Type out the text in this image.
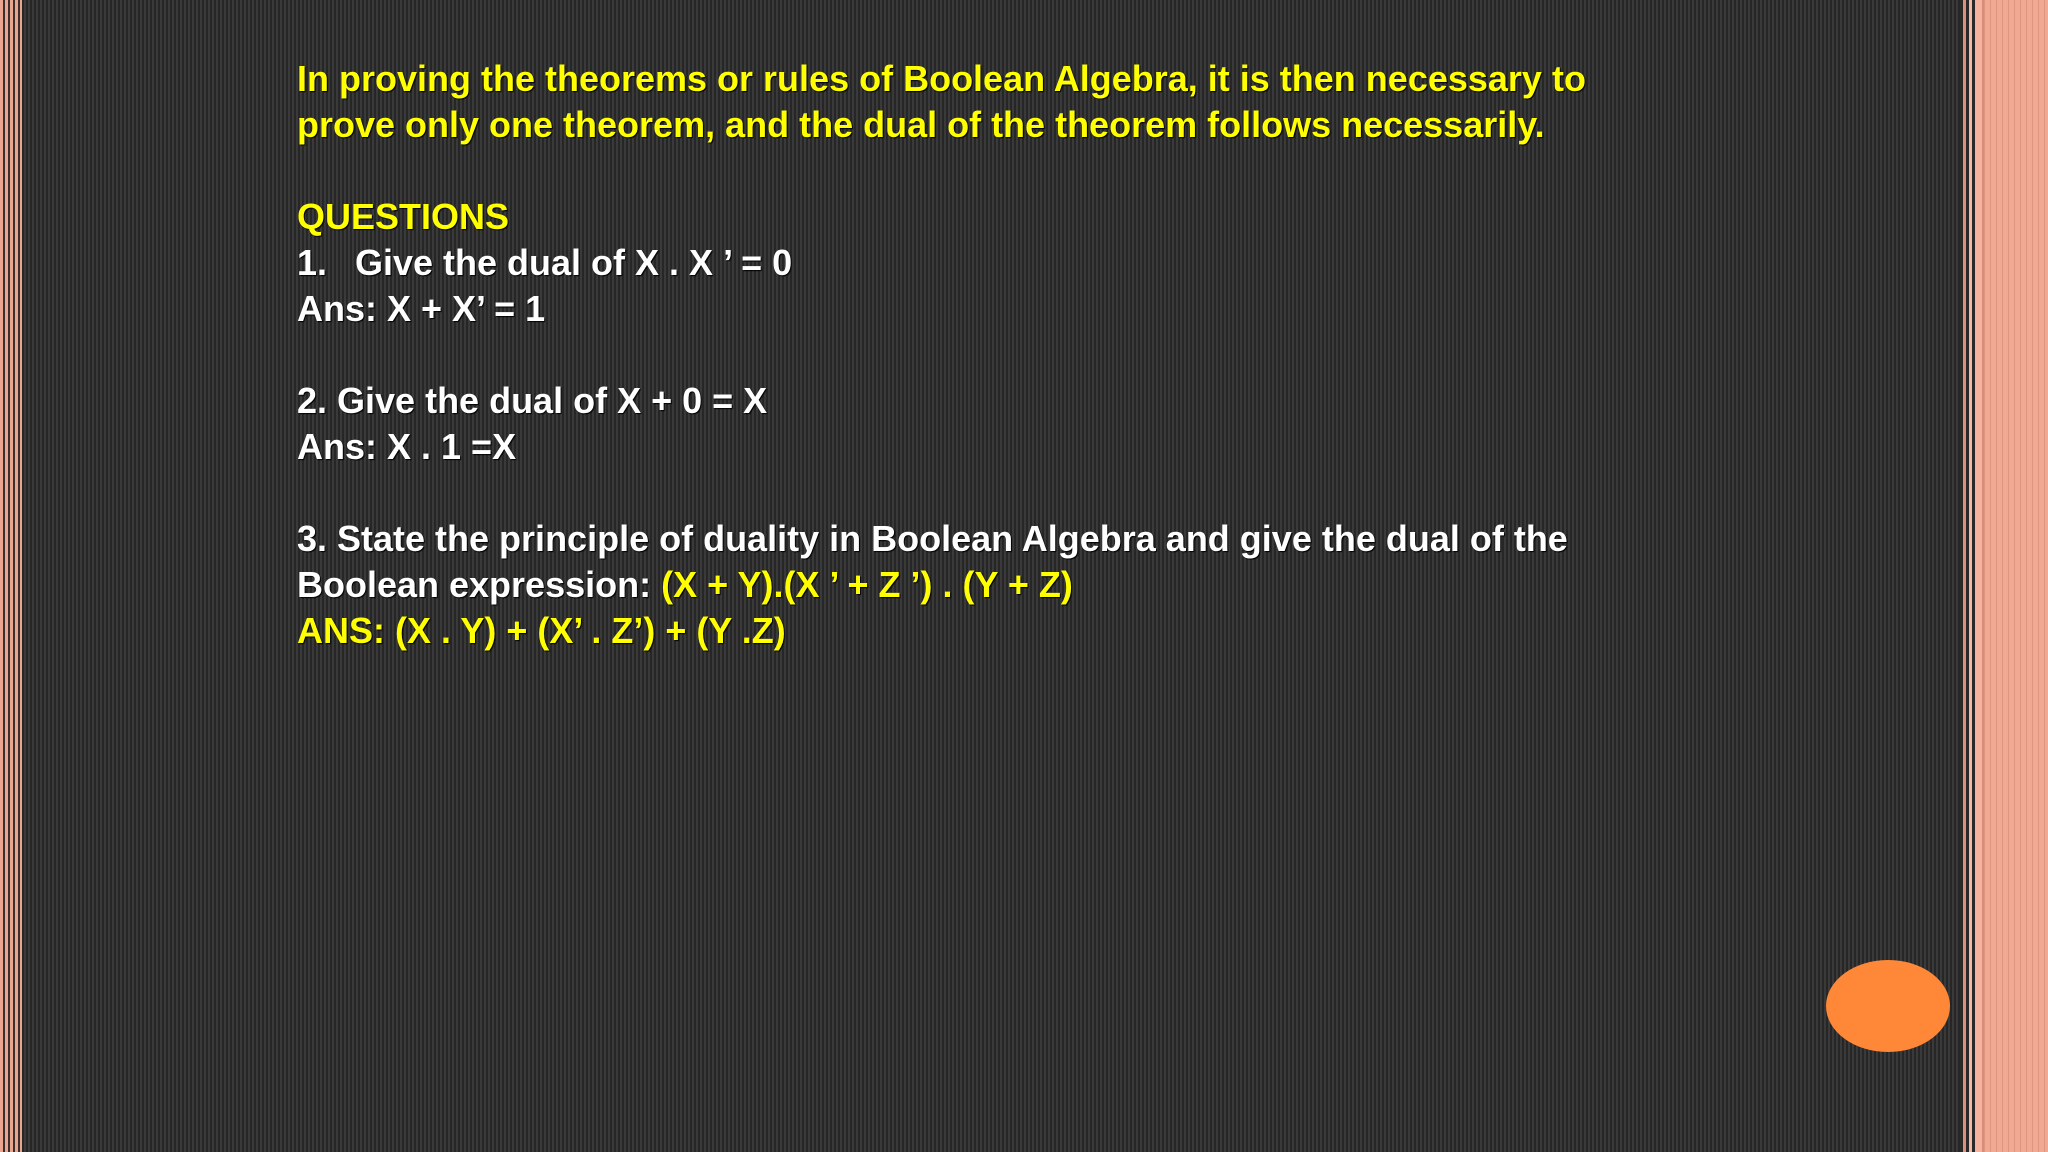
In proving the theorems or rules of Boolean Algebra, it is then necessary to

prove only one theorem, and the dual of the theorem follows necessarily.

QUESTIONS

1. Give the dual of X . X ’ = 0

Ans: X + X’ = 1

2. Give the dual of X + 0 = X

Ans: X . 1 =X

3. State the principle of duality in Boolean Algebra and give the dual of the

Boolean expression: (X + Y).(X ’ + Z ’) . (Y + Z)

ANS: (X . Y) + (X’ . Z’) + (Y .Z)
